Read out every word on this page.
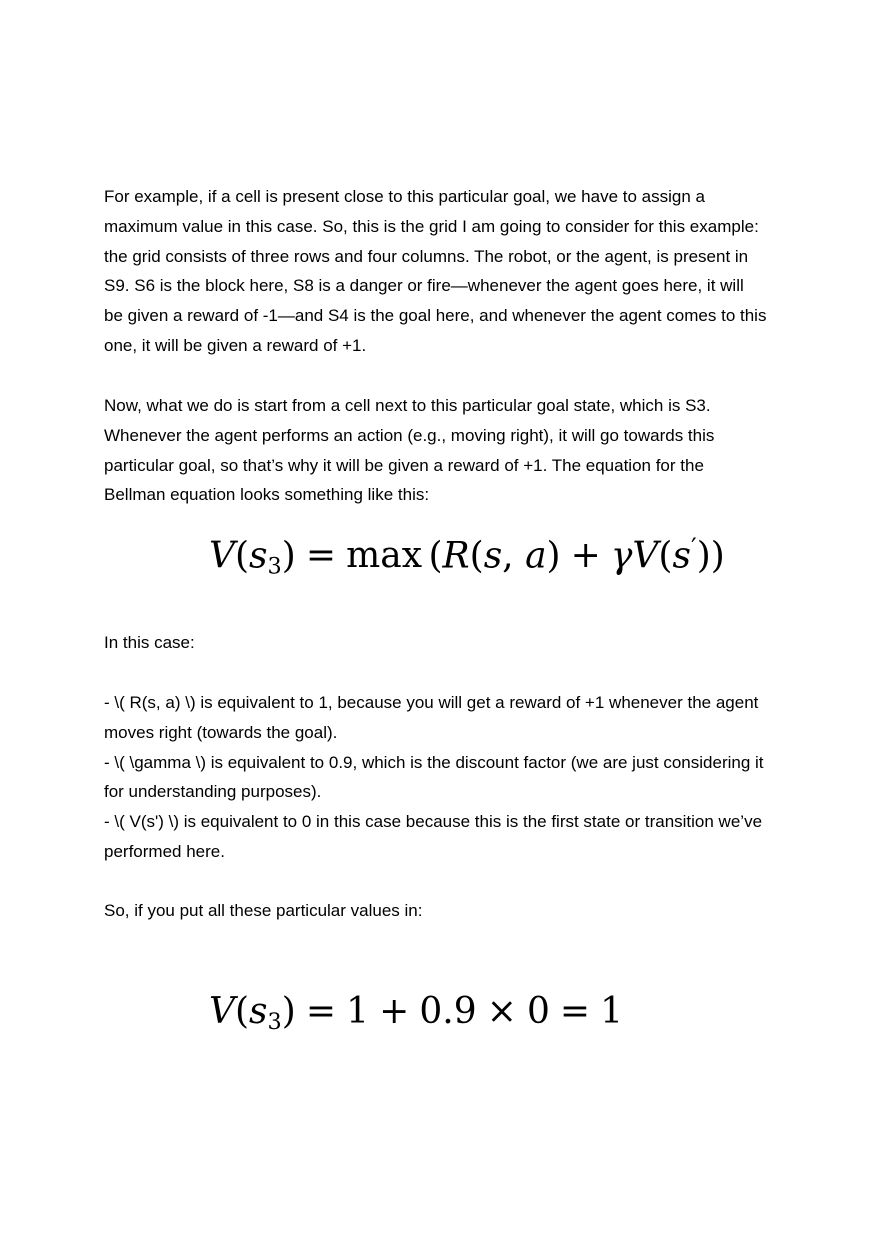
For example, if a cell is present close to this particular goal, we have to assign a
maximum value in this case. So, this is the grid I am going to consider for this example:
the grid consists of three rows and four columns. The robot, or the agent, is present in
S9. S6 is the block here, S8 is a danger or fire—whenever the agent goes here, it will
be given a reward of -1—and S4 is the goal here, and whenever the agent comes to this
one, it will be given a reward of +1.
Now, what we do is start from a cell next to this particular goal state, which is S3.
Whenever the agent performs an action (e.g., moving right), it will go towards this
particular goal, so that’s why it will be given a reward of +1. The equation for the
Bellman equation looks something like this:
$V(s_3) = \max (R(s$, a) + γV(s′))
In this case:
- \( R(s, a) \) is equivalent to 1, because you will get a reward of +1 whenever the agent
moves right (towards the goal).
- \( \gamma \) is equivalent to 0.9, which is the discount factor (we are just considering it
for understanding purposes).
- \( V(s') \) is equivalent to 0 in this case because this is the first state or transition we’ve
performed here.
So, if you put all these particular values in:
$V(s_3) = 1 + 0.9 \times 0 = 1$
